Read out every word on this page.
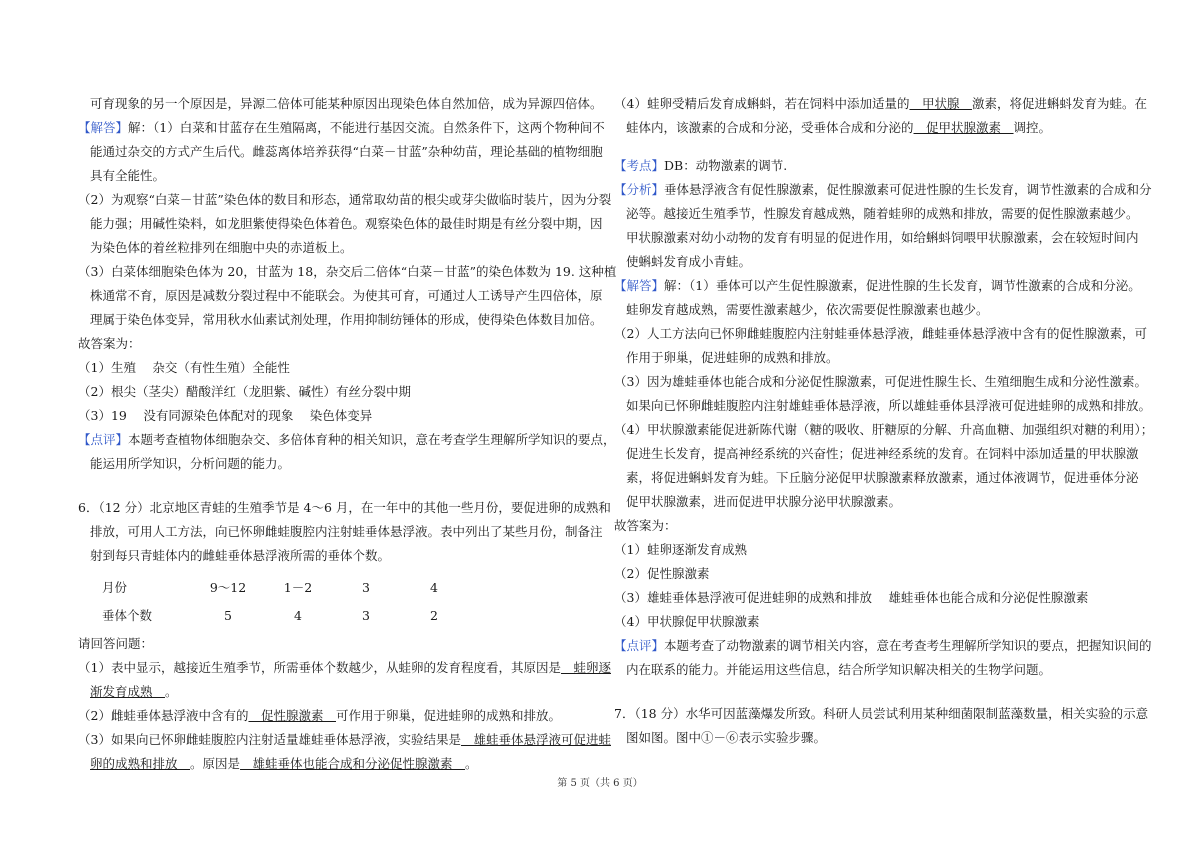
可育现象的另一个原因是，异源二倍体可能某种原因出现染色体自然加倍，成为异源四倍体。
【解答】解：（1）白菜和甘蓝存在生殖隔离，不能进行基因交流。自然条件下，这两个物种间不
能通过杂交的方式产生后代。雌蕊离体培养获得“白菜－甘蓝”杂种幼苗，理论基础的植物细胞
具有全能性。
（2）为观察“白菜－甘蓝”染色体的数目和形态，通常取幼苗的根尖或芽尖做临时装片，因为分裂
能力强；用碱性染料，如龙胆紫使得染色体着色。观察染色体的最佳时期是有丝分裂中期，因
为染色体的着丝粒排列在细胞中央的赤道板上。
（3）白菜体细胞染色体为 20，甘蓝为 18，杂交后二倍体“白菜－甘蓝”的染色体数为 19. 这种植
株通常不育，原因是减数分裂过程中不能联会。为使其可育，可通过人工诱导产生四倍体，原
理属于染色体变异，常用秋水仙素试剂处理，作用抑制纺锤体的形成，使得染色体数目加倍。
故答案为：
（1）生殖　 杂交（有性生殖）全能性
（2）根尖（茎尖）醋酸洋红（龙胆紫、碱性）有丝分裂中期
（3）19　 没有同源染色体配对的现象　 染色体变异
【点评】本题考查植物体细胞杂交、多倍体育种的相关知识，意在考查学生理解所学知识的要点，
能运用所学知识，分析问题的能力。
6．（12 分）北京地区青蛙的生殖季节是 4～6 月，在一年中的其他一些月份，要促进卵的成熟和
排放，可用人工方法，向已怀卵雌蛙腹腔内注射蛙垂体悬浮液。表中列出了某些月份，制备注
射到每只青蛙体内的雌蛙垂体悬浮液所需的垂体个数。
月份	9～12	1－2	3	4
垂体个数	5	4	3	2
请回答问题：
（1）表中显示，越接近生殖季节，所需垂体个数越少，从蛙卵的发育程度看，其原因是　蛙卵逐
渐发育成熟　。
（2）雌蛙垂体悬浮液中含有的　促性腺激素　可作用于卵巢，促进蛙卵的成熟和排放。
（3）如果向已怀卵雌蛙腹腔内注射适量雄蛙垂体悬浮液，实验结果是　雄蛙垂体悬浮液可促进蛙
卵的成熟和排放　。原因是　雄蛙垂体也能合成和分泌促性腺激素　。
（4）蛙卵受精后发育成蝌蚪，若在饲料中添加适量的　甲状腺　激素，将促进蝌蚪发育为蛙。在
蛙体内，该激素的合成和分泌，受垂体合成和分泌的　促甲状腺激素　调控。
【考点】DB：动物激素的调节.
【分析】垂体悬浮液含有促性腺激素，促性腺激素可促进性腺的生长发育，调节性激素的合成和分
泌等。越接近生殖季节，性腺发育越成熟，随着蛙卵的成熟和排放，需要的促性腺激素越少。
甲状腺激素对幼小动物的发育有明显的促进作用，如给蝌蚪饲喂甲状腺激素，会在较短时间内
使蝌蚪发育成小青蛙。
【解答】解：（1）垂体可以产生促性腺激素，促进性腺的生长发育，调节性激素的合成和分泌。
蛙卵发育越成熟，需要性激素越少，依次需要促性腺激素也越少。
（2）人工方法向已怀卵雌蛙腹腔内注射蛙垂体悬浮液，雌蛙垂体悬浮液中含有的促性腺激素，可
作用于卵巢，促进蛙卵的成熟和排放。
（3）因为雄蛙垂体也能合成和分泌促性腺激素，可促进性腺生长、生殖细胞生成和分泌性激素。
如果向已怀卵雌蛙腹腔内注射雄蛙垂体悬浮液，所以雄蛙垂体县浮液可促进蛙卵的成熟和排放。
（4）甲状腺激素能促进新陈代谢（糖的吸收、肝糖原的分解、升高血糖、加强组织对糖的利用）；
促进生长发育，提高神经系统的兴奋性；促进神经系统的发育。在饲料中添加适量的甲状腺激
素，将促进蝌蚪发育为蛙。下丘脑分泌促甲状腺激素释放激素，通过体液调节，促进垂体分泌
促甲状腺激素，进而促进甲状腺分泌甲状腺激素。
故答案为：
（1）蛙卵逐渐发育成熟
（2）促性腺激素
（3）雄蛙垂体悬浮液可促进蛙卵的成熟和排放　 雄蛙垂体也能合成和分泌促性腺激素
（4）甲状腺促甲状腺激素
【点评】本题考查了动物激素的调节相关内容，意在考查考生理解所学知识的要点，把握知识间的
内在联系的能力。并能运用这些信息，结合所学知识解决相关的生物学问题。
7．（18 分）水华可因蓝藻爆发所致。科研人员尝试利用某种细菌限制蓝藻数量，相关实验的示意
图如图。图中①－⑥表示实验步骤。
第 5 页（共 6 页）
